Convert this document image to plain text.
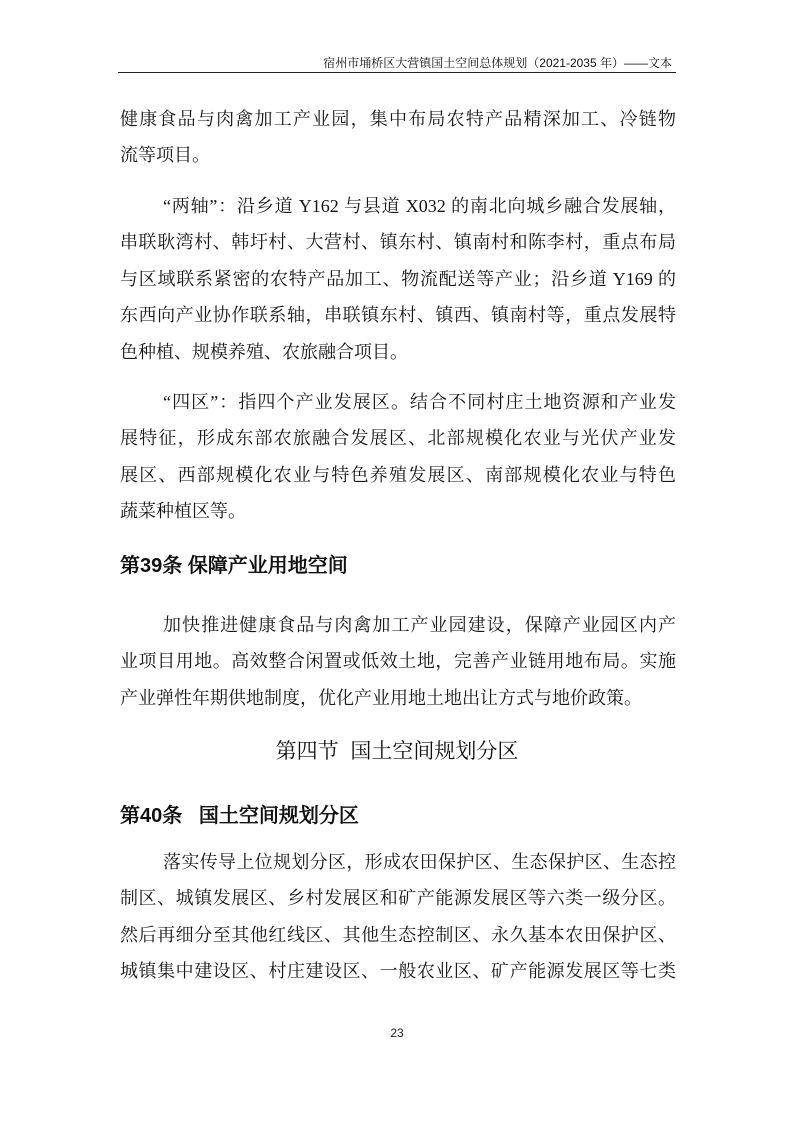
宿州市埇桥区大营镇国土空间总体规划（2021-2035 年）——文本
健康食品与肉禽加工产业园，集中布局农特产品精深加工、冷链物
流等项目。
“两轴”：沿乡道 Y162 与县道 X032 的南北向城乡融合发展轴，
串联耿湾村、韩圩村、大营村、镇东村、镇南村和陈李村，重点布局
与区域联系紧密的农特产品加工、物流配送等产业；沿乡道 Y169 的
东西向产业协作联系轴，串联镇东村、镇西、镇南村等，重点发展特
色种植、规模养殖、农旅融合项目。
“四区”：指四个产业发展区。结合不同村庄土地资源和产业发
展特征，形成东部农旅融合发展区、北部规模化农业与光伏产业发
展区、西部规模化农业与特色养殖发展区、南部规模化农业与特色
蔬菜种植区等。
第39条 保障产业用地空间
加快推进健康食品与肉禽加工产业园建设，保障产业园区内产
业项目用地。高效整合闲置或低效土地，完善产业链用地布局。实施
产业弹性年期供地制度，优化产业用地土地出让方式与地价政策。
第四节  国土空间规划分区
第40条   国土空间规划分区
落实传导上位规划分区，形成农田保护区、生态保护区、生态控
制区、城镇发展区、乡村发展区和矿产能源发展区等六类一级分区。
然后再细分至其他红线区、其他生态控制区、永久基本农田保护区、
城镇集中建设区、村庄建设区、一般农业区、矿产能源发展区等七类
23
